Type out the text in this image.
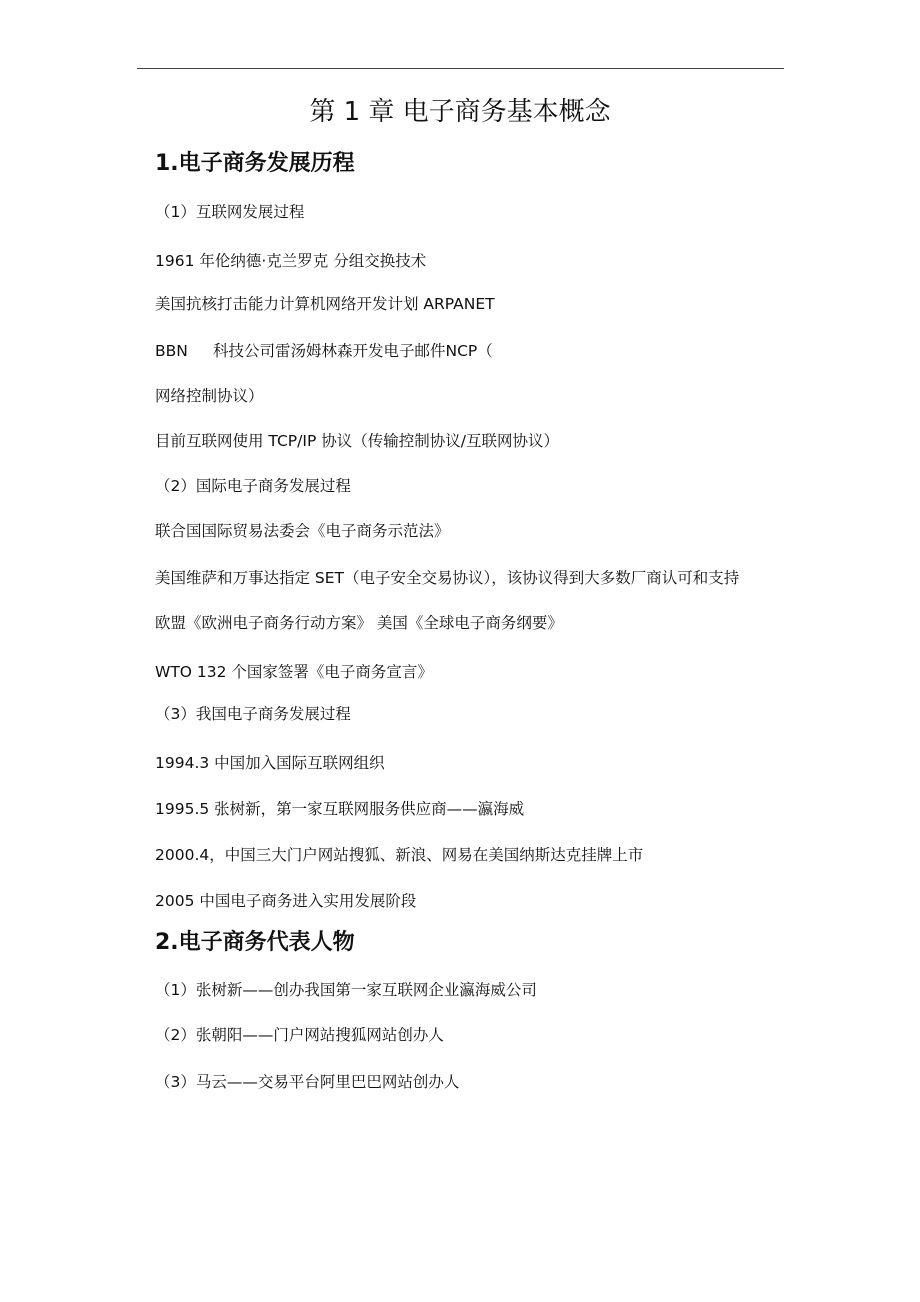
第 1 章 电子商务基本概念
1.电子商务发展历程

（1）互联网发展过程

1961 年伦纳德·克兰罗克 分组交换技术

美国抗核打击能力计算机网络开发计划 ARPANET

BBN 科技公司雷汤姆林森开发电子邮件NCP（

网络控制协议）

目前互联网使用 TCP/IP 协议（传输控制协议/互联网协议）

（2）国际电子商务发展过程

联合国国际贸易法委会《电子商务示范法》

美国维萨和万事达指定 SET（电子安全交易协议），该协议得到大多数厂商认可和支持

欧盟《欧洲电子商务行动方案》 美国《全球电子商务纲要》

WTO 132 个国家签署《电子商务宣言》

（3）我国电子商务发展过程

1994.3 中国加入国际互联网组织

1995.5 张树新，第一家互联网服务供应商——瀛海威

2000.4，中国三大门户网站搜狐、新浪、网易在美国纳斯达克挂牌上市

2005 中国电子商务进入实用发展阶段

2.电子商务代表人物

（1）张树新——创办我国第一家互联网企业瀛海威公司

（2）张朝阳——门户网站搜狐网站创办人

（3）马云——交易平台阿里巴巴网站创办人
